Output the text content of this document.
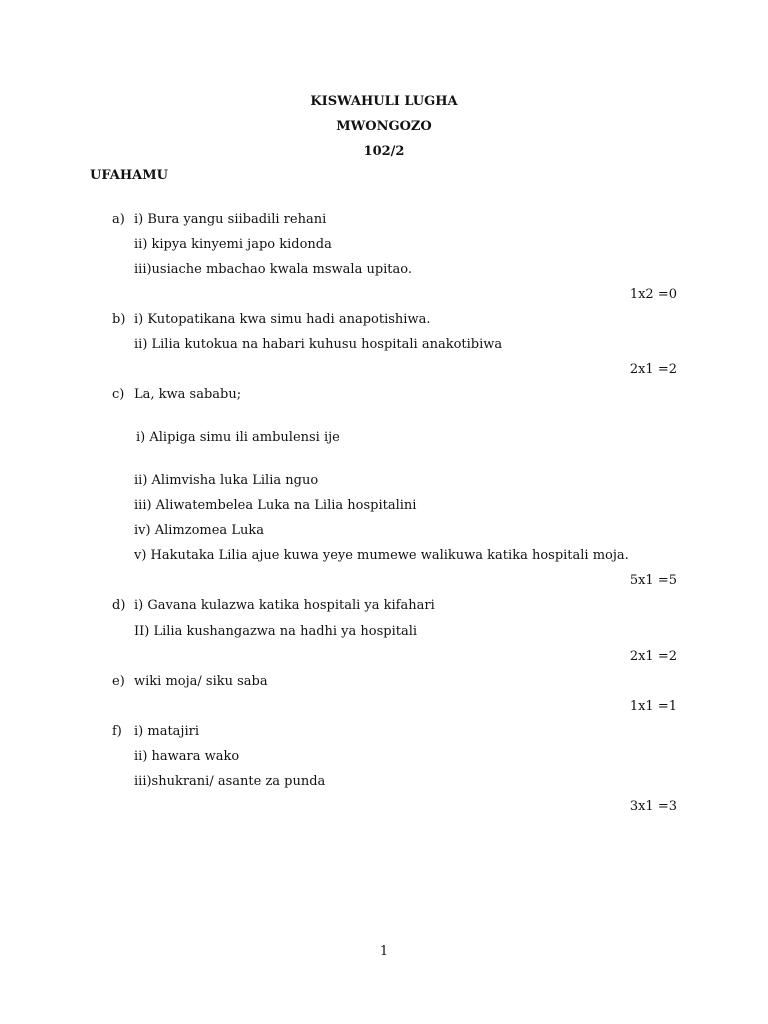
KISWAHULI LUGHA
MWONGOZO
102/2
UFAHAMU
a) i) Bura yangu siibadili rehani
ii) kipya kinyemi japo kidonda
iii)usiache mbachao kwala mswala upitao.
1x2 =0
b) i) Kutopatikana kwa simu hadi anapotishiwa.
ii) Lilia kutokua na habari kuhusu hospitali anakotibiwa
2x1 =2
c) La, kwa sababu;
i) Alipiga simu ili ambulensi ije
ii) Alimvisha luka Lilia nguo
iii) Aliwatembelea Luka na Lilia hospitalini
iv) Alimzomea Luka
v) Hakutaka Lilia ajue kuwa yeye mumewe walikuwa katika hospitali moja.
5x1 =5
d) i) Gavana kulazwa katika hospitali ya kifahari
II) Lilia kushangazwa na hadhi ya hospitali
2x1 =2
e) wiki moja/ siku saba
1x1 =1
f) i) matajiri
ii) hawara wako
iii)shukrani/ asante za punda
3x1 =3
1
